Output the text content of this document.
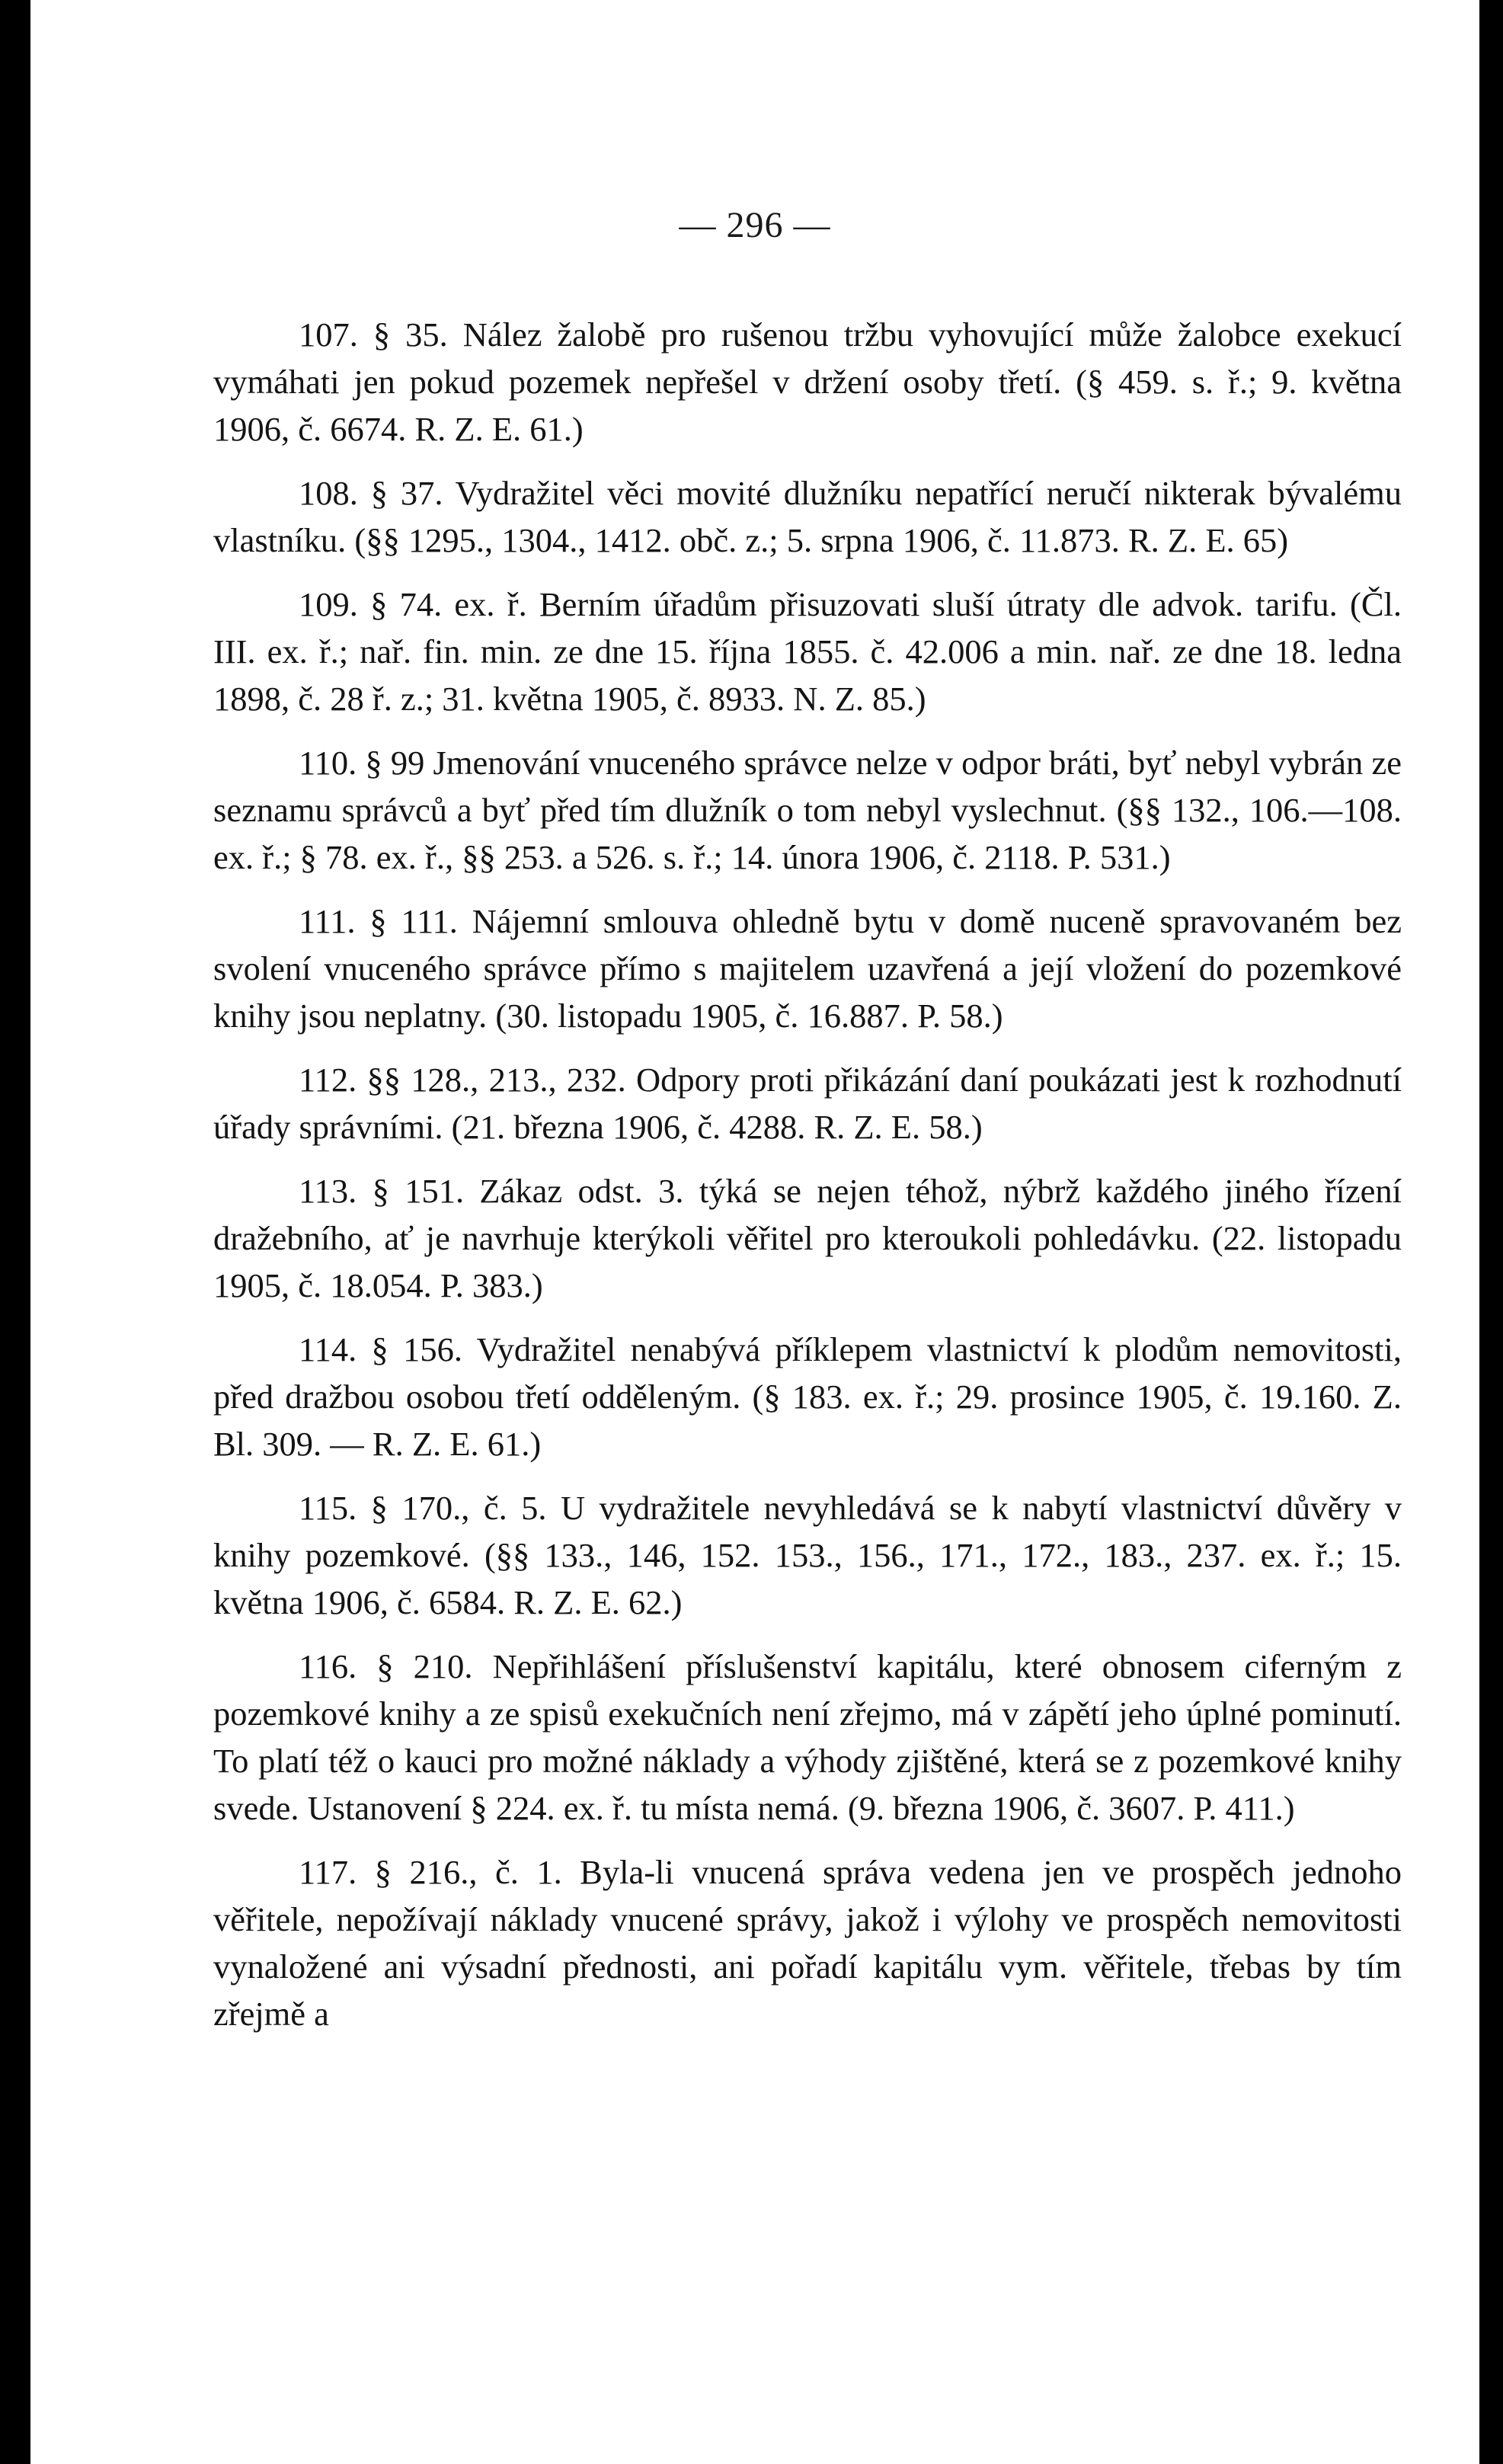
— 296 —

107. § 35. Nález žalobě pro rušenou tržbu vyhovující může žalobce exekucí vymáhati jen pokud pozemek nepřešel v držení osoby třetí. (§ 459. s. ř.; 9. května 1906, č. 6674. R. Z. E. 61.)

108. § 37. Vydražitel věci movité dlužníku nepatřící neručí nikterak bývalému vlastníku. (§§ 1295., 1304., 1412. obč. z.; 5. srpna 1906, č. 11.873. R. Z. E. 65)

109. § 74. ex. ř. Berním úřadům přisuzovati sluší útraty dle advok. tarifu. (Čl. III. ex. ř.; nař. fin. min. ze dne 15. října 1855. č. 42.006 a min. nař. ze dne 18. ledna 1898, č. 28 ř. z.; 31. května 1905, č. 8933. N. Z. 85.)

110. § 99 Jmenování vnuceného správce nelze v odpor bráti, byť nebyl vybrán ze seznamu správců a byť před tím dlužník o tom nebyl vyslechnut. (§§ 132., 106.—108. ex. ř.; § 78. ex. ř., §§ 253. a 526. s. ř.; 14. února 1906, č. 2118. P. 531.)

111. § 111. Nájemní smlouva ohledně bytu v domě nuceně spravovaném bez svolení vnuceného správce přímo s majitelem uzavřená a její vložení do pozemkové knihy jsou neplatny. (30. listopadu 1905, č. 16.887. P. 58.)

112. §§ 128., 213., 232. Odpory proti přikázání daní poukázati jest k rozhodnutí úřady správními. (21. března 1906, č. 4288. R. Z. E. 58.)

113. § 151. Zákaz odst. 3. týká se nejen téhož, nýbrž každého jiného řízení dražebního, ať je navrhuje kterýkoli věřitel pro kteroukoli pohledávku. (22. listopadu 1905, č. 18.054. P. 383.)

114. § 156. Vydražitel nenabývá příklepem vlastnictví k plodům nemovitosti, před dražbou osobou třetí odděleným. (§ 183. ex. ř.; 29. prosince 1905, č. 19.160. Z. Bl. 309. — R. Z. E. 61.)

115. § 170., č. 5. U vydražitele nevyhledává se k nabytí vlastnictví důvěry v knihy pozemkové. (§§ 133., 146, 152. 153., 156., 171., 172., 183., 237. ex. ř.; 15. května 1906, č. 6584. R. Z. E. 62.)

116. § 210. Nepřihlášení příslušenství kapitálu, které obnosem ciferným z pozemkové knihy a ze spisů exekučních není zřejmo, má v zápětí jeho úplné pominutí. To platí též o kauci pro možné náklady a výhody zjištěné, která se z pozemkové knihy svede. Ustanovení § 224. ex. ř. tu místa nemá. (9. března 1906, č. 3607. P. 411.)

117. § 216., č. 1. Byla-li vnucená správa vedena jen ve prospěch jednoho věřitele, nepožívají náklady vnucené správy, jakož i výlohy ve prospěch nemovitosti vynaložené ani výsadní přednosti, ani pořadí kapitálu vym. věřitele, třebas by tím zřejmě a
